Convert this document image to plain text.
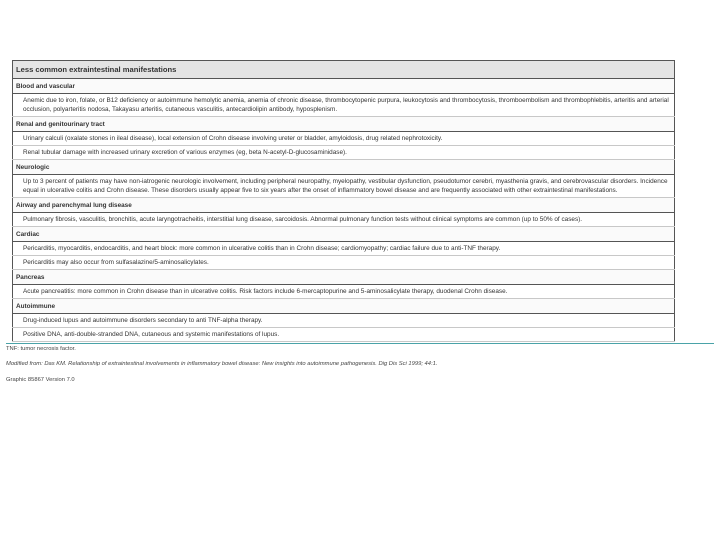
Less common extraintestinal manifestations
Blood and vascular
Anemic due to iron, folate, or B12 deficiency or autoimmune hemolytic anemia, anemia of chronic disease, thrombocytopenic purpura, leukocytosis and thrombocytosis, thromboembolism and thrombophlebitis, arteritis and arterial occlusion, polyarteritis nodosa, Takayasu arteritis, cutaneous vasculitis, antecardiolipin antibody, hyposplenism.
Renal and genitourinary tract
Urinary calculi (oxalate stones in ileal disease), local extension of Crohn disease involving ureter or bladder, amyloidosis, drug related nephrotoxicity.
Renal tubular damage with increased urinary excretion of various enzymes (eg, beta N-acetyl-D-glucosaminidase).
Neurologic
Up to 3 percent of patients may have non-iatrogenic neurologic involvement, including peripheral neuropathy, myelopathy, vestibular dysfunction, pseudotumor cerebri, myasthenia gravis, and cerebrovascular disorders. Incidence equal in ulcerative colitis and Crohn disease. These disorders usually appear five to six years after the onset of inflammatory bowel disease and are frequently associated with other extraintestinal manifestations.
Airway and parenchymal lung disease
Pulmonary fibrosis, vasculitis, bronchitis, acute laryngotracheitis, interstitial lung disease, sarcoidosis. Abnormal pulmonary function tests without clinical symptoms are common (up to 50% of cases).
Cardiac
Pericarditis, myocarditis, endocarditis, and heart block: more common in ulcerative colitis than in Crohn disease; cardiomyopathy; cardiac failure due to anti-TNF therapy.
Pericarditis may also occur from sulfasalazine/5-aminosalicylates.
Pancreas
Acute pancreatitis: more common in Crohn disease than in ulcerative colitis. Risk factors include 6-mercaptopurine and 5-aminosalicylate therapy, duodenal Crohn disease.
Autoimmune
Drug-induced lupus and autoimmune disorders secondary to anti TNF-alpha therapy.
Positive DNA, anti-double-stranded DNA, cutaneous and systemic manifestations of lupus.
TNF: tumor necrosis factor.
Modified from: Das KM. Relationship of extraintestinal involvements in inflammatory bowel disease: New insights into autoimmune pathogenesis. Dig Dis Sci 1999; 44:1.
Graphic 85867 Version 7.0
